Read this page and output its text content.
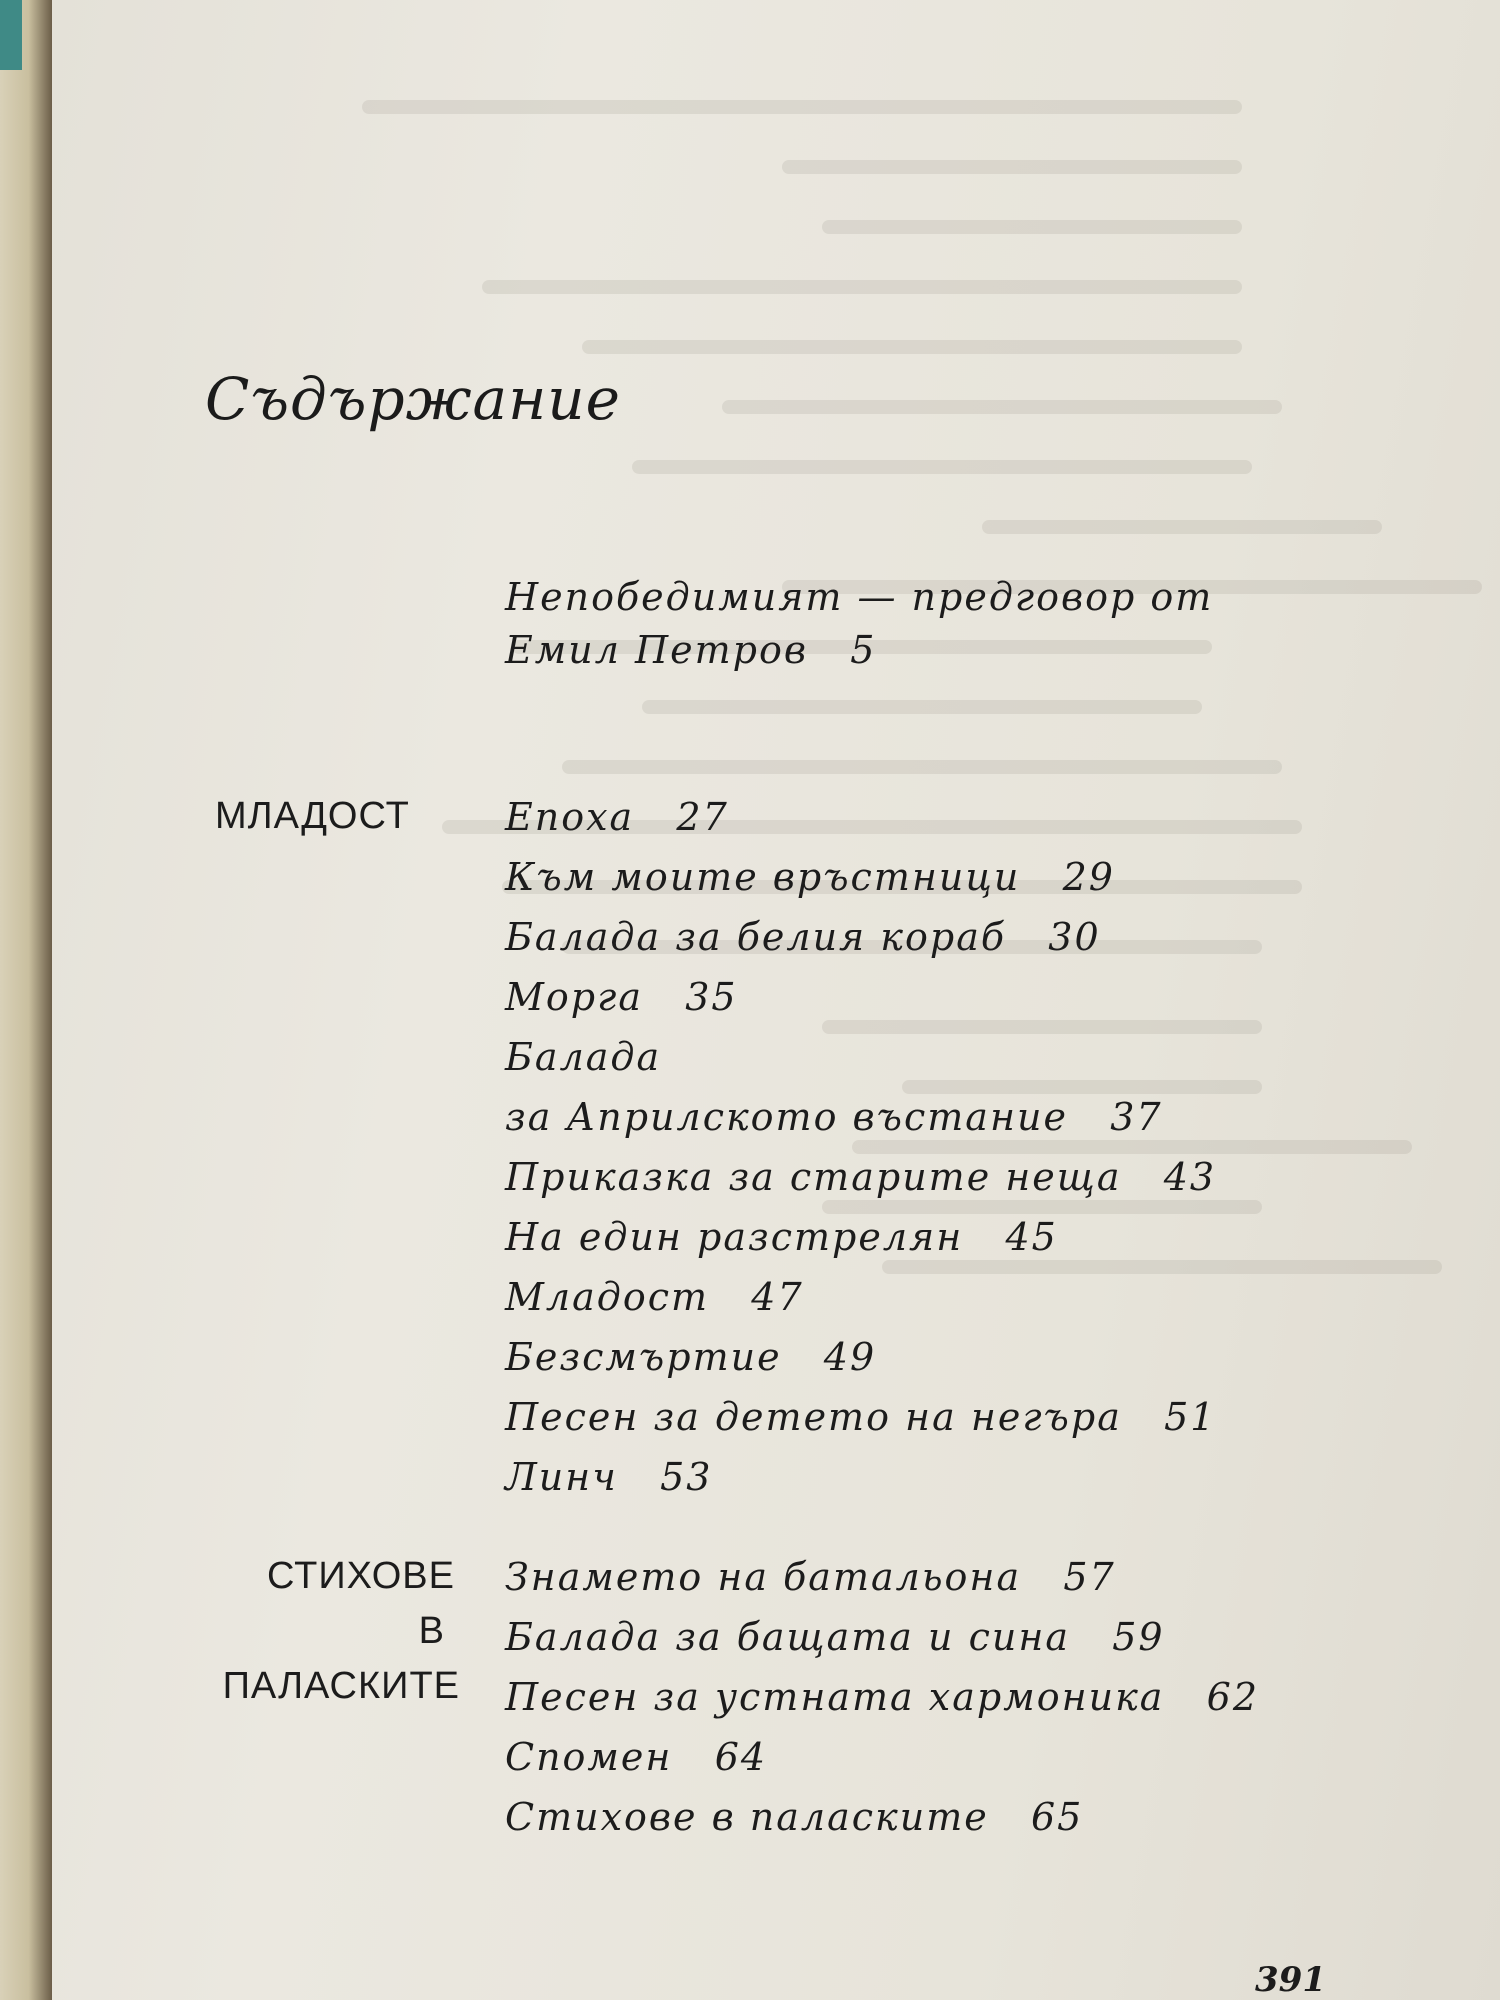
Съдържание
Непобедимият — предговор от
Емил Петров   5
МЛАДОСТ	Епоха   27
Към моите връстници   29
Балада за белия кораб   30
Морга   35
Балада
за Априлското въстание   37
Приказка за старите неща   43
На един разстрелян   45
Младост   47
Безсмъртие   49
Песен за детето на негъра   51
Линч   53
СТИХОВЕ
В
ПАЛАСКИТЕ
Знамето на батальона   57
Балада за бащата и сина   59
Песен за устната хармоника   62
Спомен   64
Стихове в паласките   65
391
